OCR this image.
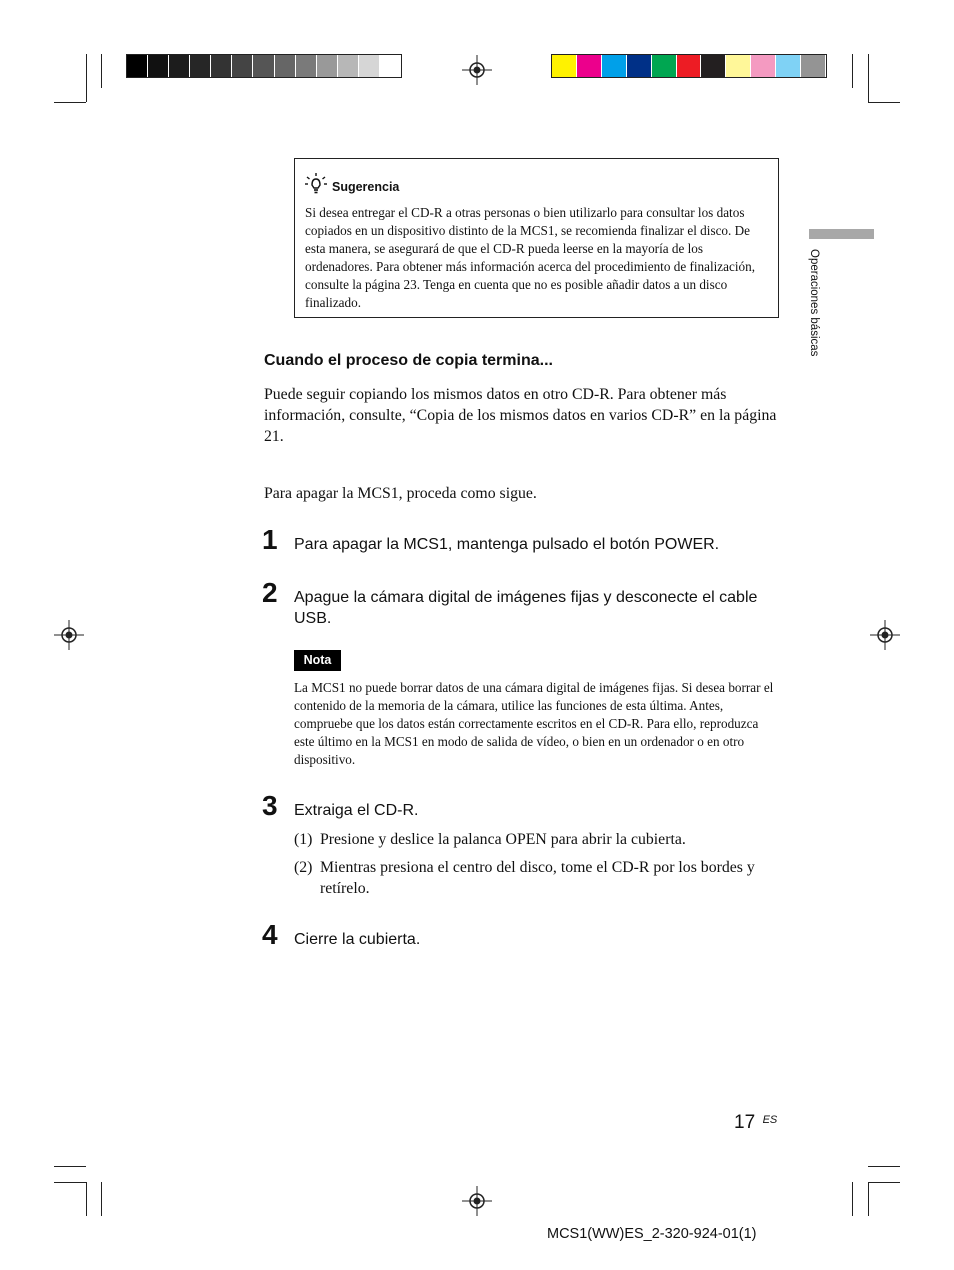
Sugerencia
Si desea entregar el CD-R a otras personas o bien utilizarlo para consultar los datos copiados en un dispositivo distinto de la MCS1, se recomienda finalizar el disco. De esta manera, se asegurará de que el CD-R pueda leerse en la mayoría de los ordenadores. Para obtener más información acerca del procedimiento de finalización, consulte la página 23. Tenga en cuenta que no es posible añadir datos a un disco finalizado.
Cuando el proceso de copia termina...
Puede seguir copiando los mismos datos en otro CD-R. Para obtener más información, consulte, “Copia de los mismos datos en varios CD-R” en la página 21.
Para apagar la MCS1, proceda como sigue.
1 Para apagar la MCS1, mantenga pulsado el botón POWER.
2 Apague la cámara digital de imágenes fijas y desconecte el cable USB.
Nota
La MCS1 no puede borrar datos de una cámara digital de imágenes fijas. Si desea borrar el contenido de la memoria de la cámara, utilice las funciones de esta última. Antes, compruebe que los datos están correctamente escritos en el CD-R. Para ello, reproduzca este último en la MCS1 en modo de salida de vídeo, o bien en un ordenador o en otro dispositivo.
3 Extraiga el CD-R.
(1) Presione y deslice la palanca OPEN para abrir la cubierta.
(2) Mientras presiona el centro del disco, tome el CD-R por los bordes y retírelo.
4 Cierre la cubierta.
Operaciones básicas
17 $^{ES}$
MCS1(WW)ES_2-320-924-01(1)
